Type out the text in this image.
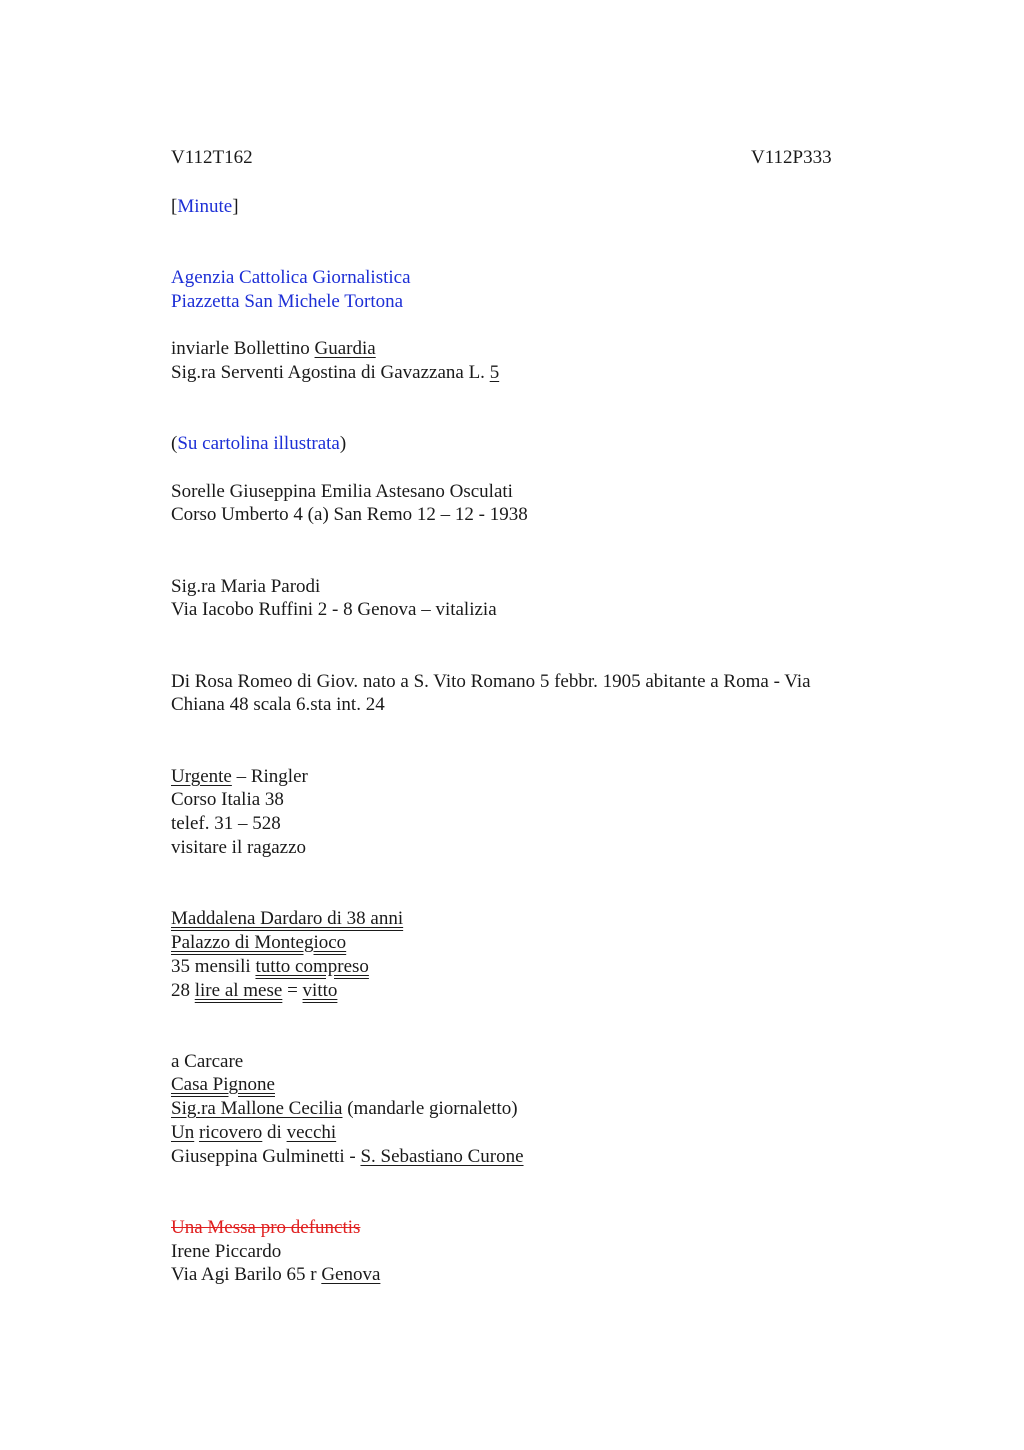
V112T162	V112P333
[Minute]
Agenzia Cattolica Giornalistica
Piazzetta San Michele Tortona
inviarle Bollettino Guardia
Sig.ra Serventi Agostina di Gavazzana L. 5
(Su cartolina illustrata)
Sorelle Giuseppina Emilia Astesano Osculati
Corso Umberto 4 (a) San Remo 12 – 12 - 1938
Sig.ra Maria Parodi
Via Iacobo Ruffini 2 - 8 Genova – vitalizia
Di Rosa Romeo di Giov. nato a S. Vito Romano 5 febbr. 1905 abitante a Roma - Via
Chiana 48 scala 6.sta int. 24
Urgente – Ringler
Corso Italia 38
telef. 31 – 528
visitare il ragazzo
Maddalena Dardaro di 38 anni
Palazzo di Montegioco
35 mensili tutto compreso
28 lire al mese = vitto
a Carcare
Casa Pignone
Sig.ra Mallone Cecilia (mandarle giornaletto)
Un ricovero di vecchi
Giuseppina Gulminetti - S. Sebastiano Curone
Una Messa pro defunctis
Irene Piccardo
Via Agi Barilo 65 r Genova
